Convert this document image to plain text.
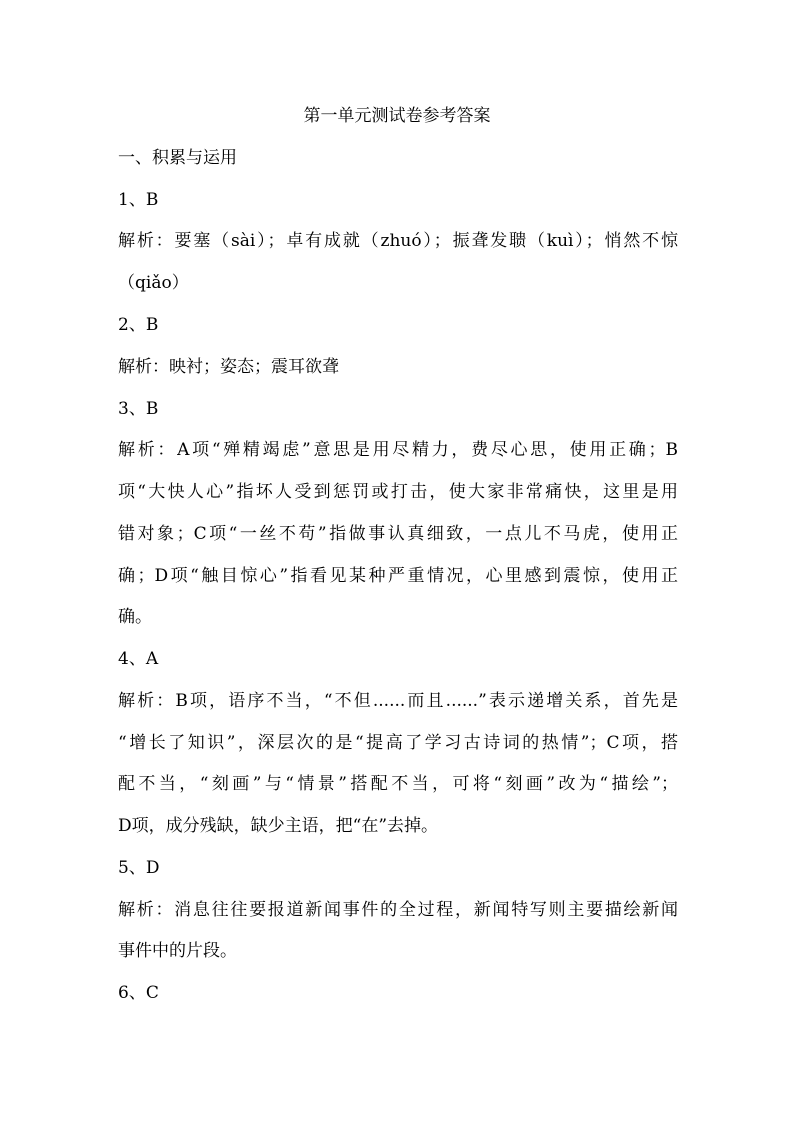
第一单元测试卷参考答案
一、积累与运用
1、B
解析：要塞（sài）；卓有成就（zhuó）；振聋发聩（kuì）；悄然不惊
（qiǎo）
2、B
解析：映衬；姿态；震耳欲聋
3、B
解析：A项“殚精竭虑”意思是用尽精力，费尽心思，使用正确；B
项“大快人心”指坏人受到惩罚或打击，使大家非常痛快，这里是用
错对象；C项“一丝不苟”指做事认真细致，一点儿不马虎，使用正
确；D项“触目惊心”指看见某种严重情况，心里感到震惊，使用正
确。
4、A
解析：B项，语序不当，“不但......而且......”表示递增关系，首先是
“增长了知识”，深层次的是“提高了学习古诗词的热情”；C项，搭
配不当，“刻画”与“情景”搭配不当，可将“刻画”改为“描绘”；
D项，成分残缺，缺少主语，把“在”去掉。
5、D
解析：消息往往要报道新闻事件的全过程，新闻特写则主要描绘新闻
事件中的片段。
6、C
